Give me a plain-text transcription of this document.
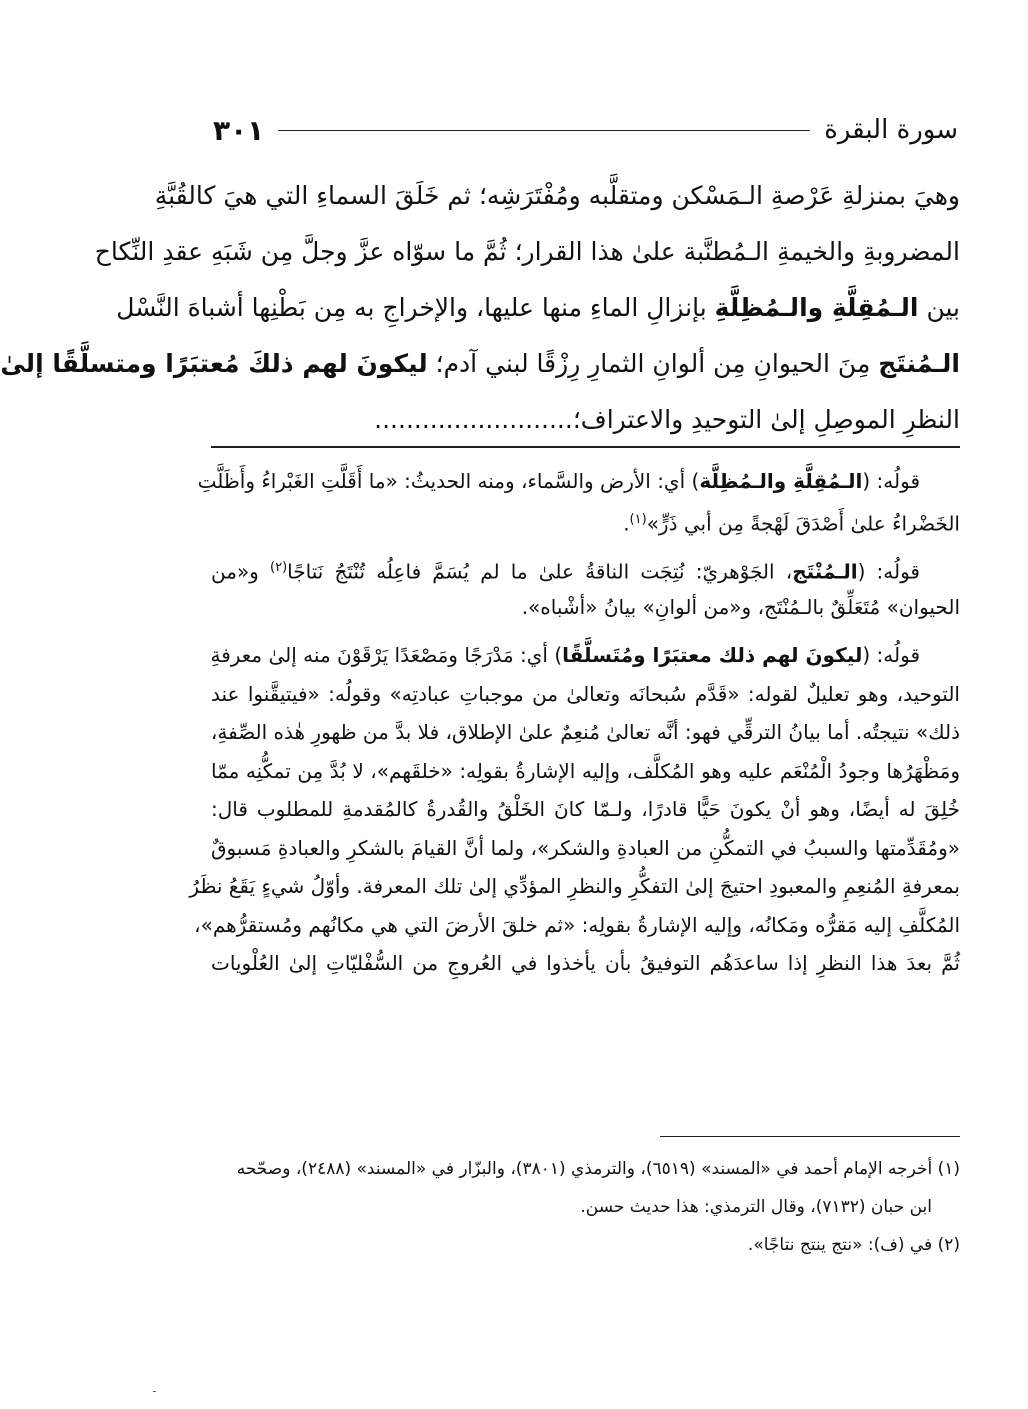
سورة البقرة
٣٠١
وهيَ بمنزلةِ عَرْصةِ الـمَسْكن ومتقلَّبه ومُفْتَرَشِه؛ ثم خَلَقَ السماءِ التي هيَ كالقُبَّةِ
المضروبةِ والخيمةِ الـمُطنَّبة علىٰ هذا القرار؛ ثُمَّ ما سوّاه عزَّ وجلَّ مِن شَبَهِ عقدِ النِّكاح
بين الـمُقِلَّةِ والـمُظِلَّةِ بإنزالِ الماءِ منها عليها، والإخراجِ به مِن بَطْنِها أشباهَ النَّسْل
الـمُنتَج مِنَ الحيوانِ مِن ألوانِ الثمارِ رِزْقًا لبني آدم؛ ليكونَ لهم ذلكَ مُعتبَرًا ومتسلَّقًا إلىٰ
النظرِ الموصِلِ إلىٰ التوحيدِ والاعتراف؛.........................
قولُه: (الـمُقِلَّةِ والـمُظِلَّة) أي: الأرض والسَّماء، ومنه الحديثُ: «ما أَقَلَّتِ الغَبْراءُ وأَظَلَّتِ
الخَضْراءُ علىٰ أَصْدَقَ لَهْجةً مِن أبي ذَرٍّ»$^{(١)}$.
قولُه: (الـمُنْتَج، الجَوْهريّ: نُتِجَت الناقةُ علىٰ ما لم يُسَمَّ فاعِلُه تُنْتَجُ نَتاجًا$^{(٢)}$ و«من
الحيوان» مُتَعَلِّقٌ بالـمُنْتَج، و«من ألوانِ» بيانُ «أشْباه».
قولُه: (ليكونَ لهم ذلك معتبَرًا ومُتَسلَّقًا) أي: مَدْرَجًا ومَصْعَدًا يَرْقَوْنَ منه إلىٰ معرفةِ
التوحيد، وهو تعليلٌ لقوله: «قَدَّم سُبحانَه وتعالىٰ من موجباتِ عبادتِه» وقولُه: «فيتيقَّنوا عند
ذلك» نتيجتُه. أما بيانُ الترقِّي فهو: أنَّه تعالىٰ مُنعِمٌ علىٰ الإطلاق، فلا بدَّ من ظهورِ هٰذه الصِّفةِ،
ومَظْهَرُها وجودُ الْمُنْعَم عليه وهو المُكلَّف، وإليه الإشارةُ بقولِه: «خلقَهم»، لا بُدَّ مِن تمكُّنِه ممّا
خُلِقَ له أيضًا، وهو أنْ يكونَ حَيًّا قادرًا، ولـمّا كانَ الخَلْقُ والقُدرةُ كالمُقدمةِ للمطلوب قال:
«ومُقَدِّمتها والسببُ في التمكُّنِ من العبادةِ والشكر»، ولما أنَّ القيامَ بالشكرِ والعبادةِ مَسبوقٌ
بمعرفةِ المُنعِمِ والمعبودِ احتيجَ إلىٰ التفكُّرِ والنظرِ المؤدِّي إلىٰ تلك المعرفة. وأوّلُ شيءٍ يَقَعُ نظَرُ
المُكلَّفِ إليه مَقرُّه ومَكانُه، وإليه الإشارةُ بقولِه: «ثم خلقَ الأرضَ التي هي مكانُهم ومُستقرُّهم»،
ثُمَّ بعدَ هذا النظرِ إذا ساعدَهُم التوفيقُ بأن يأخذوا في العُروجِ من السُّفْليّاتِ إلىٰ العُلْويات
(١) أخرجه الإمام أحمد في «المسند» (٦٥١٩)، والترمذي (٣٨٠١)، والبزّار في «المسند» (٢٤٨٨)، وصحّحه
ابن حبان (٧١٣٢)، وقال الترمذي: هذا حديث حسن.
(٢) في (ف): «نتج ينتج نتاجًا».
ـ
